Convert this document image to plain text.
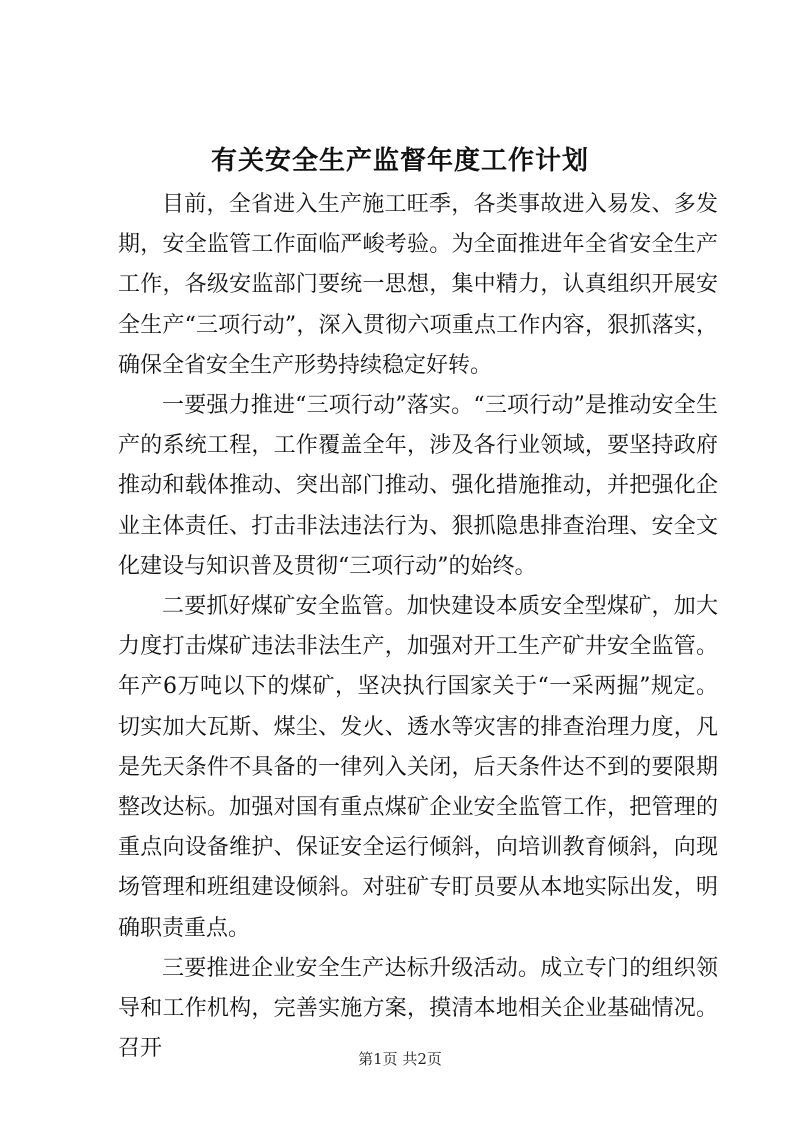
有关安全生产监督年度工作计划

目前，全省进入生产施工旺季，各类事故进入易发、多发期，安全监管工作面临严峻考验。为全面推进年全省安全生产工作，各级安监部门要统一思想，集中精力，认真组织开展安全生产“三项行动”，深入贯彻六项重点工作内容，狠抓落实，确保全省安全生产形势持续稳定好转。

一要强力推进“三项行动”落实。“三项行动”是推动安全生产的系统工程，工作覆盖全年，涉及各行业领域，要坚持政府推动和载体推动、突出部门推动、强化措施推动，并把强化企业主体责任、打击非法违法行为、狠抓隐患排查治理、安全文化建设与知识普及贯彻“三项行动”的始终。

二要抓好煤矿安全监管。加快建设本质安全型煤矿，加大力度打击煤矿违法非法生产，加强对开工生产矿井安全监管。年产6万吨以下的煤矿，坚决执行国家关于“一采两掘”规定。切实加大瓦斯、煤尘、发火、透水等灾害的排查治理力度，凡是先天条件不具备的一律列入关闭，后天条件达不到的要限期整改达标。加强对国有重点煤矿企业安全监管工作，把管理的重点向设备维护、保证安全运行倾斜，向培训教育倾斜，向现场管理和班组建设倾斜。对驻矿专盯员要从本地实际出发，明确职责重点。

三要推进企业安全生产达标升级活动。成立专门的组织领导和工作机构，完善实施方案，摸清本地相关企业基础情况。召开	第1页 共2页
